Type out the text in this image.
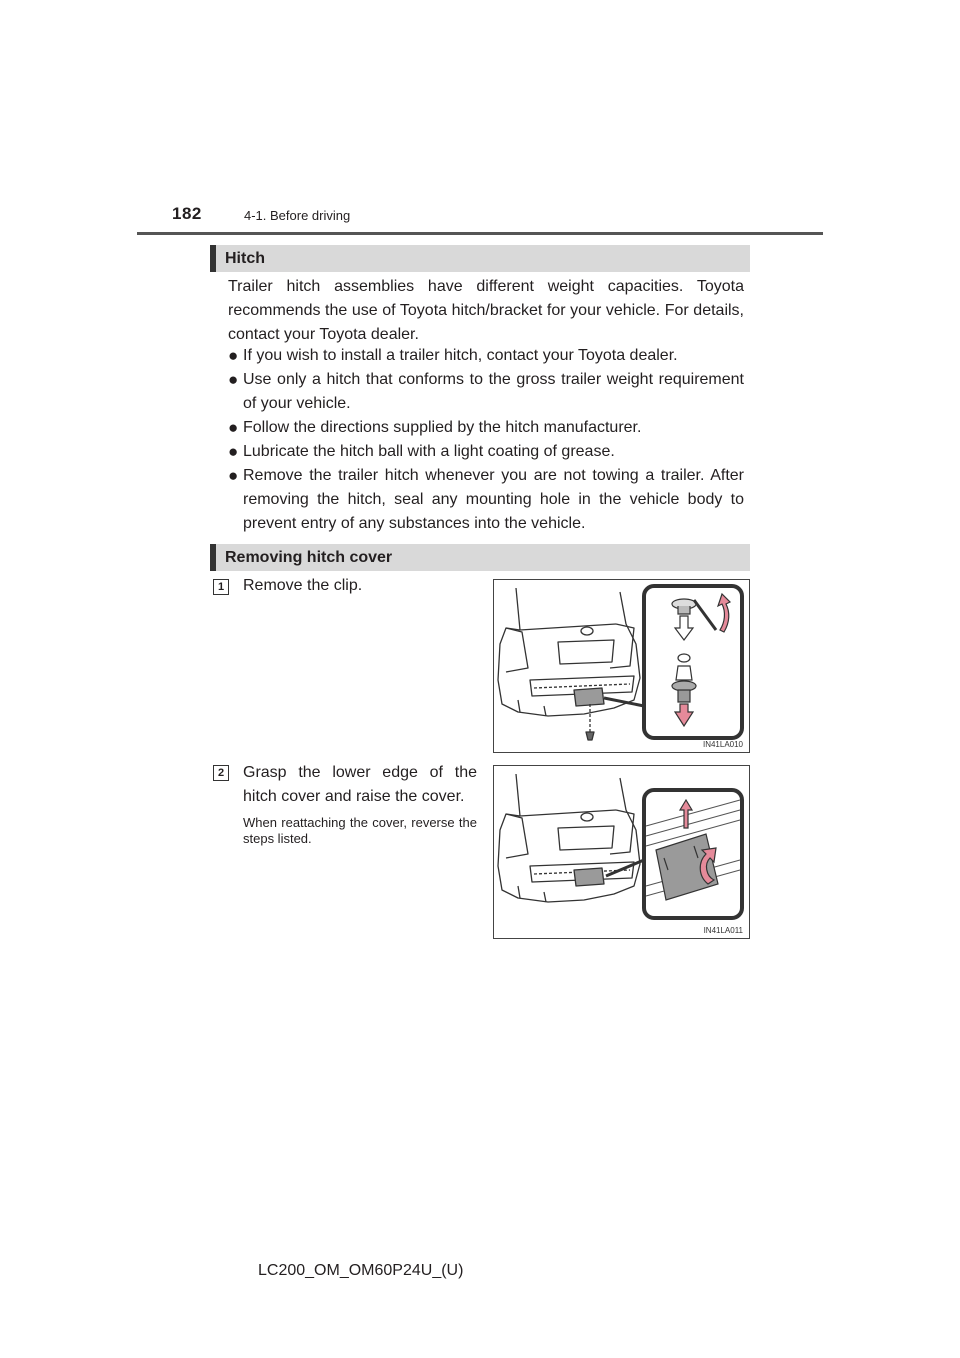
182	4-1. Before driving
Hitch
Trailer hitch assemblies have different weight capacities. Toyota recommends the use of Toyota hitch/bracket for your vehicle. For details, contact your Toyota dealer.
● If you wish to install a trailer hitch, contact your Toyota dealer.
● Use only a hitch that conforms to the gross trailer weight requirement of your vehicle.
● Follow the directions supplied by the hitch manufacturer.
● Lubricate the hitch ball with a light coating of grease.
● Remove the trailer hitch whenever you are not towing a trailer. After removing the hitch, seal any mounting hole in the vehicle body to prevent entry of any substances into the vehicle.
Removing hitch cover
1	Remove the clip.
IN41LA010
2	Grasp the lower edge of the hitch cover and raise the cover.
When reattaching the cover, reverse the steps listed.
IN41LA011
LC200_OM_OM60P24U_(U)
